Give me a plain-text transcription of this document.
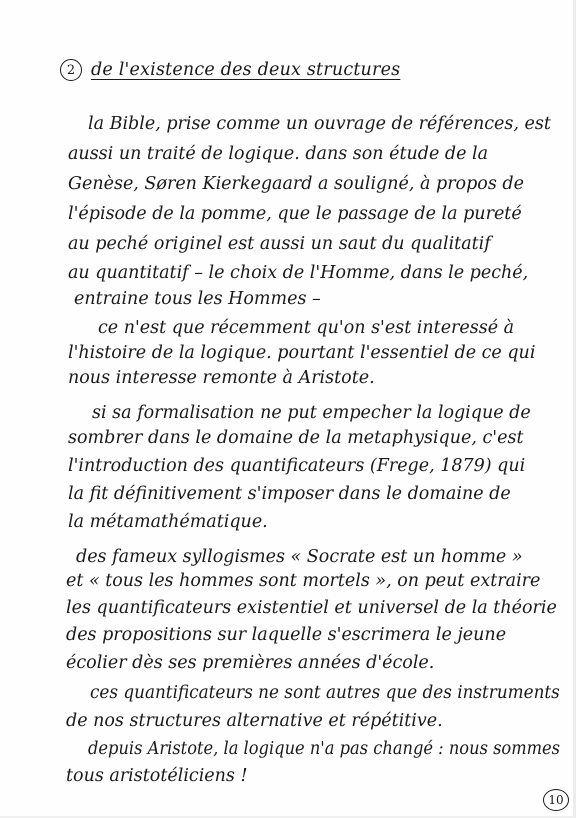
2 de l'existence des deux structures
la Bible, prise comme un ouvrage de références, est
aussi un traité de logique. dans son étude de la
Genèse, Søren Kierkegaard a souligné, à propos de
l'épisode de la pomme, que le passage de la pureté
au peché originel est aussi un saut du qualitatif
au quantitatif – le choix de l'Homme, dans le peché,
entraine tous les Hommes –
ce n'est que récemment qu'on s'est interessé à
l'histoire de la logique. pourtant l'essentiel de ce qui
nous interesse remonte à Aristote.
si sa formalisation ne put empecher la logique de
sombrer dans le domaine de la metaphysique, c'est
l'introduction des quantificateurs (Frege, 1879) qui
la fit définitivement s'imposer dans le domaine de
la métamathématique.
des fameux syllogismes « Socrate est un homme »
et « tous les hommes sont mortels », on peut extraire
les quantificateurs existentiel et universel de la théorie
des propositions sur laquelle s'escrimera le jeune
écolier dès ses premières années d'école.
ces quantificateurs ne sont autres que des instruments
de nos structures alternative et répétitive.
depuis Aristote, la logique n'a pas changé : nous sommes
tous aristotéliciens !
10
